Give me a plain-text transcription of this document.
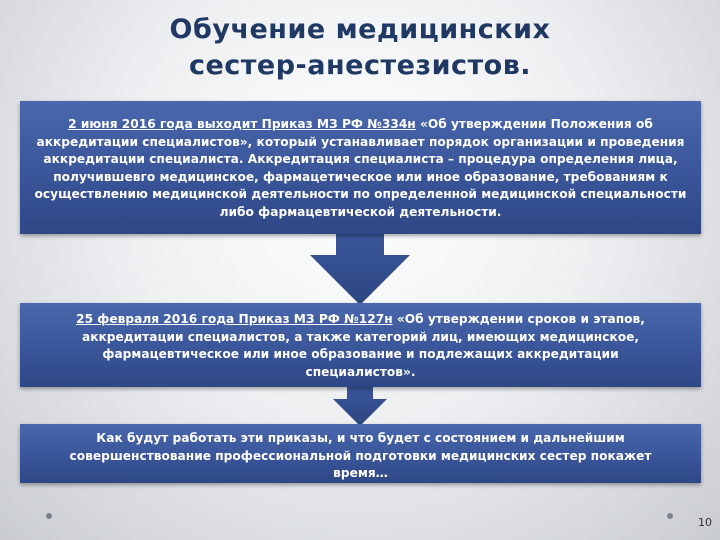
Обучение медицинских
сестер-анестезистов.
2 июня 2016 года выходит Приказ МЗ РФ №334н «Об утверждении Положения об аккредитации специалистов», который устанавливает порядок организации и проведения аккредитации специалиста. Аккредитация специалиста – процедура определения лица, получившевго медицинское, фармацетическое или иное образование, требованиям к осуществлению медицинской деятельности по определенной медицинской специальности либо фармацевтической деятельности.
25 февраля 2016 года Приказ МЗ РФ №127н «Об утверждении сроков и этапов, аккредитации специалистов, а также категорий лиц, имеющих медицинское, фармацевтическое или иное образование и подлежащих аккредитации специалистов».
Как будут работать эти приказы, и что будет с состоянием и дальнейшим совершенствование профессиональной подготовки медицинских сестер покажет время…
10
